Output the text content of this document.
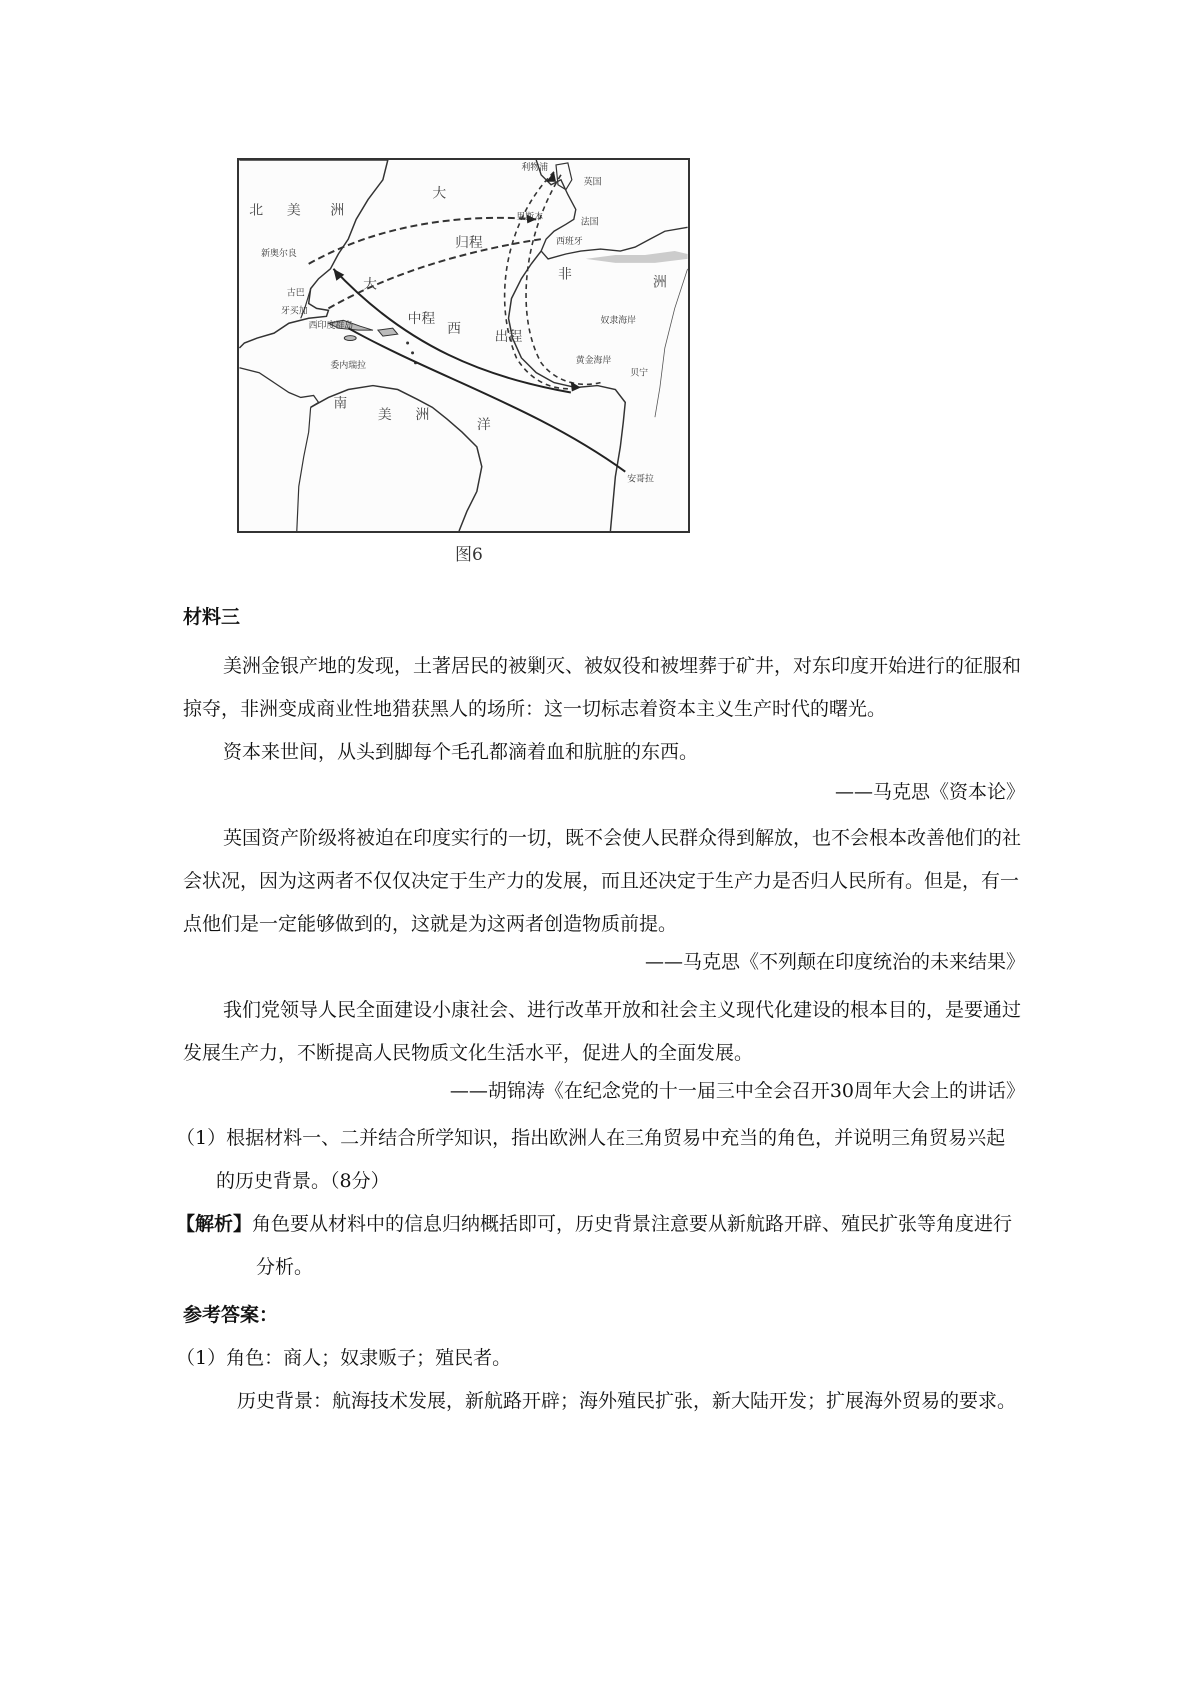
北 美 洲
大
新奥尔良
古巴
牙买加
西印度群岛
委内瑞拉
南
美 洲
大
西
洋
归程
中程
出程
利物浦
英国
里斯本
西班牙
法国
非	洲
黄金海岸
奴隶海岸
贝宁
安哥拉
图6
材料三
美洲金银产地的发现，土著居民的被剿灭、被奴役和被埋葬于矿井，对东印度开始进行的征服和掠夺，非洲变成商业性地猎获黑人的场所：这一切标志着资本主义生产时代的曙光。
资本来世间，从头到脚每个毛孔都滴着血和肮脏的东西。
——马克思《资本论》
英国资产阶级将被迫在印度实行的一切，既不会使人民群众得到解放，也不会根本改善他们的社会状况，因为这两者不仅仅决定于生产力的发展，而且还决定于生产力是否归人民所有。但是，有一点他们是一定能够做到的，这就是为这两者创造物质前提。
——马克思《不列颠在印度统治的未来结果》
我们党领导人民全面建设小康社会、进行改革开放和社会主义现代化建设的根本目的，是要通过发展生产力，不断提高人民物质文化生活水平，促进人的全面发展。
——胡锦涛《在纪念党的十一届三中全会召开30周年大会上的讲话》
（1）根据材料一、二并结合所学知识，指出欧洲人在三角贸易中充当的角色，并说明三角贸易兴起的历史背景。（8分）
【解析】角色要从材料中的信息归纳概括即可，历史背景注意要从新航路开辟、殖民扩张等角度进行分析。
参考答案：
（1）角色：商人；奴隶贩子；殖民者。
历史背景：航海技术发展，新航路开辟；海外殖民扩张，新大陆开发；扩展海外贸易的要求。
